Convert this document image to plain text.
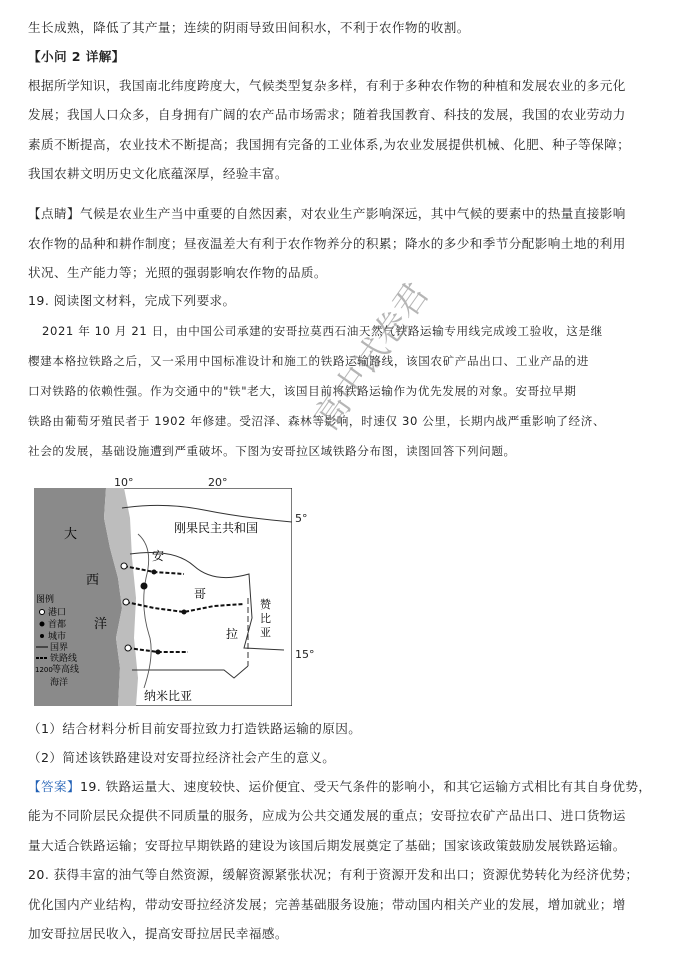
生长成熟，降低了其产量；连续的阴雨导致田间积水，不利于农作物的收割。
【小问 2 详解】
根据所学知识，我国南北纬度跨度大，气候类型复杂多样，有利于多种农作物的种植和发展农业的多元化
发展；我国人口众多，自身拥有广阔的农产品市场需求；随着我国教育、科技的发展，我国的农业劳动力
素质不断提高，农业技术不断提高；我国拥有完备的工业体系,为农业发展提供机械、化肥、种子等保障；
我国农耕文明历史文化底蕴深厚，经验丰富。
【点睛】气候是农业生产当中重要的自然因素，对农业生产影响深远，其中气候的要素中的热量直接影响
农作物的品种和耕作制度；昼夜温差大有利于农作物养分的积累；降水的多少和季节分配影响土地的利用
状况、生产能力等；光照的强弱影响农作物的品质。
19. 阅读图文材料，完成下列要求。
2021 年 10 月 21 日，由中国公司承建的安哥拉莫西石油天然气铁路运输专用线完成竣工验收，这是继
樱建本格拉铁路之后，又一采用中国标准设计和施工的铁路运输路线，该国农矿产品出口、工业产品的进
口对铁路的依赖性强。作为交通中的"铁"老大，该国目前将铁路运输作为优先发展的对象。安哥拉早期
铁路由葡萄牙殖民者于 1902 年修建。受沼泽、森林等影响，时速仅 30 公里，长期内战严重影响了经济、
社会的发展，基础设施遭到严重破坏。下图为安哥拉区域铁路分布图，读图回答下列问题。
大
西
洋
刚果民主共和国
安
哥
拉
赞
比
亚
纳米比亚
图例
港口
首都
城市
国界
铁路线
1200 等高线
海洋
5°
15°
10°	20°
（1）结合材料分析目前安哥拉致力打造铁路运输的原因。
（2）简述该铁路建设对安哥拉经济社会产生的意义。
【答案】19. 铁路运量大、速度较快、运价便宜、受天气条件的影响小，和其它运输方式相比有其自身优势，
能为不同阶层民众提供不同质量的服务，应成为公共交通发展的重点；安哥拉农矿产品出口、进口货物运
量大适合铁路运输；安哥拉早期铁路的建设为该国后期发展奠定了基础；国家该政策鼓励发展铁路运输。
20. 获得丰富的油气等自然资源，缓解资源紧张状况；有利于资源开发和出口；资源优势转化为经济优势；
优化国内产业结构，带动安哥拉经济发展；完善基础服务设施；带动国内相关产业的发展，增加就业；增
加安哥拉居民收入，提高安哥拉居民幸福感。
高中试卷君
